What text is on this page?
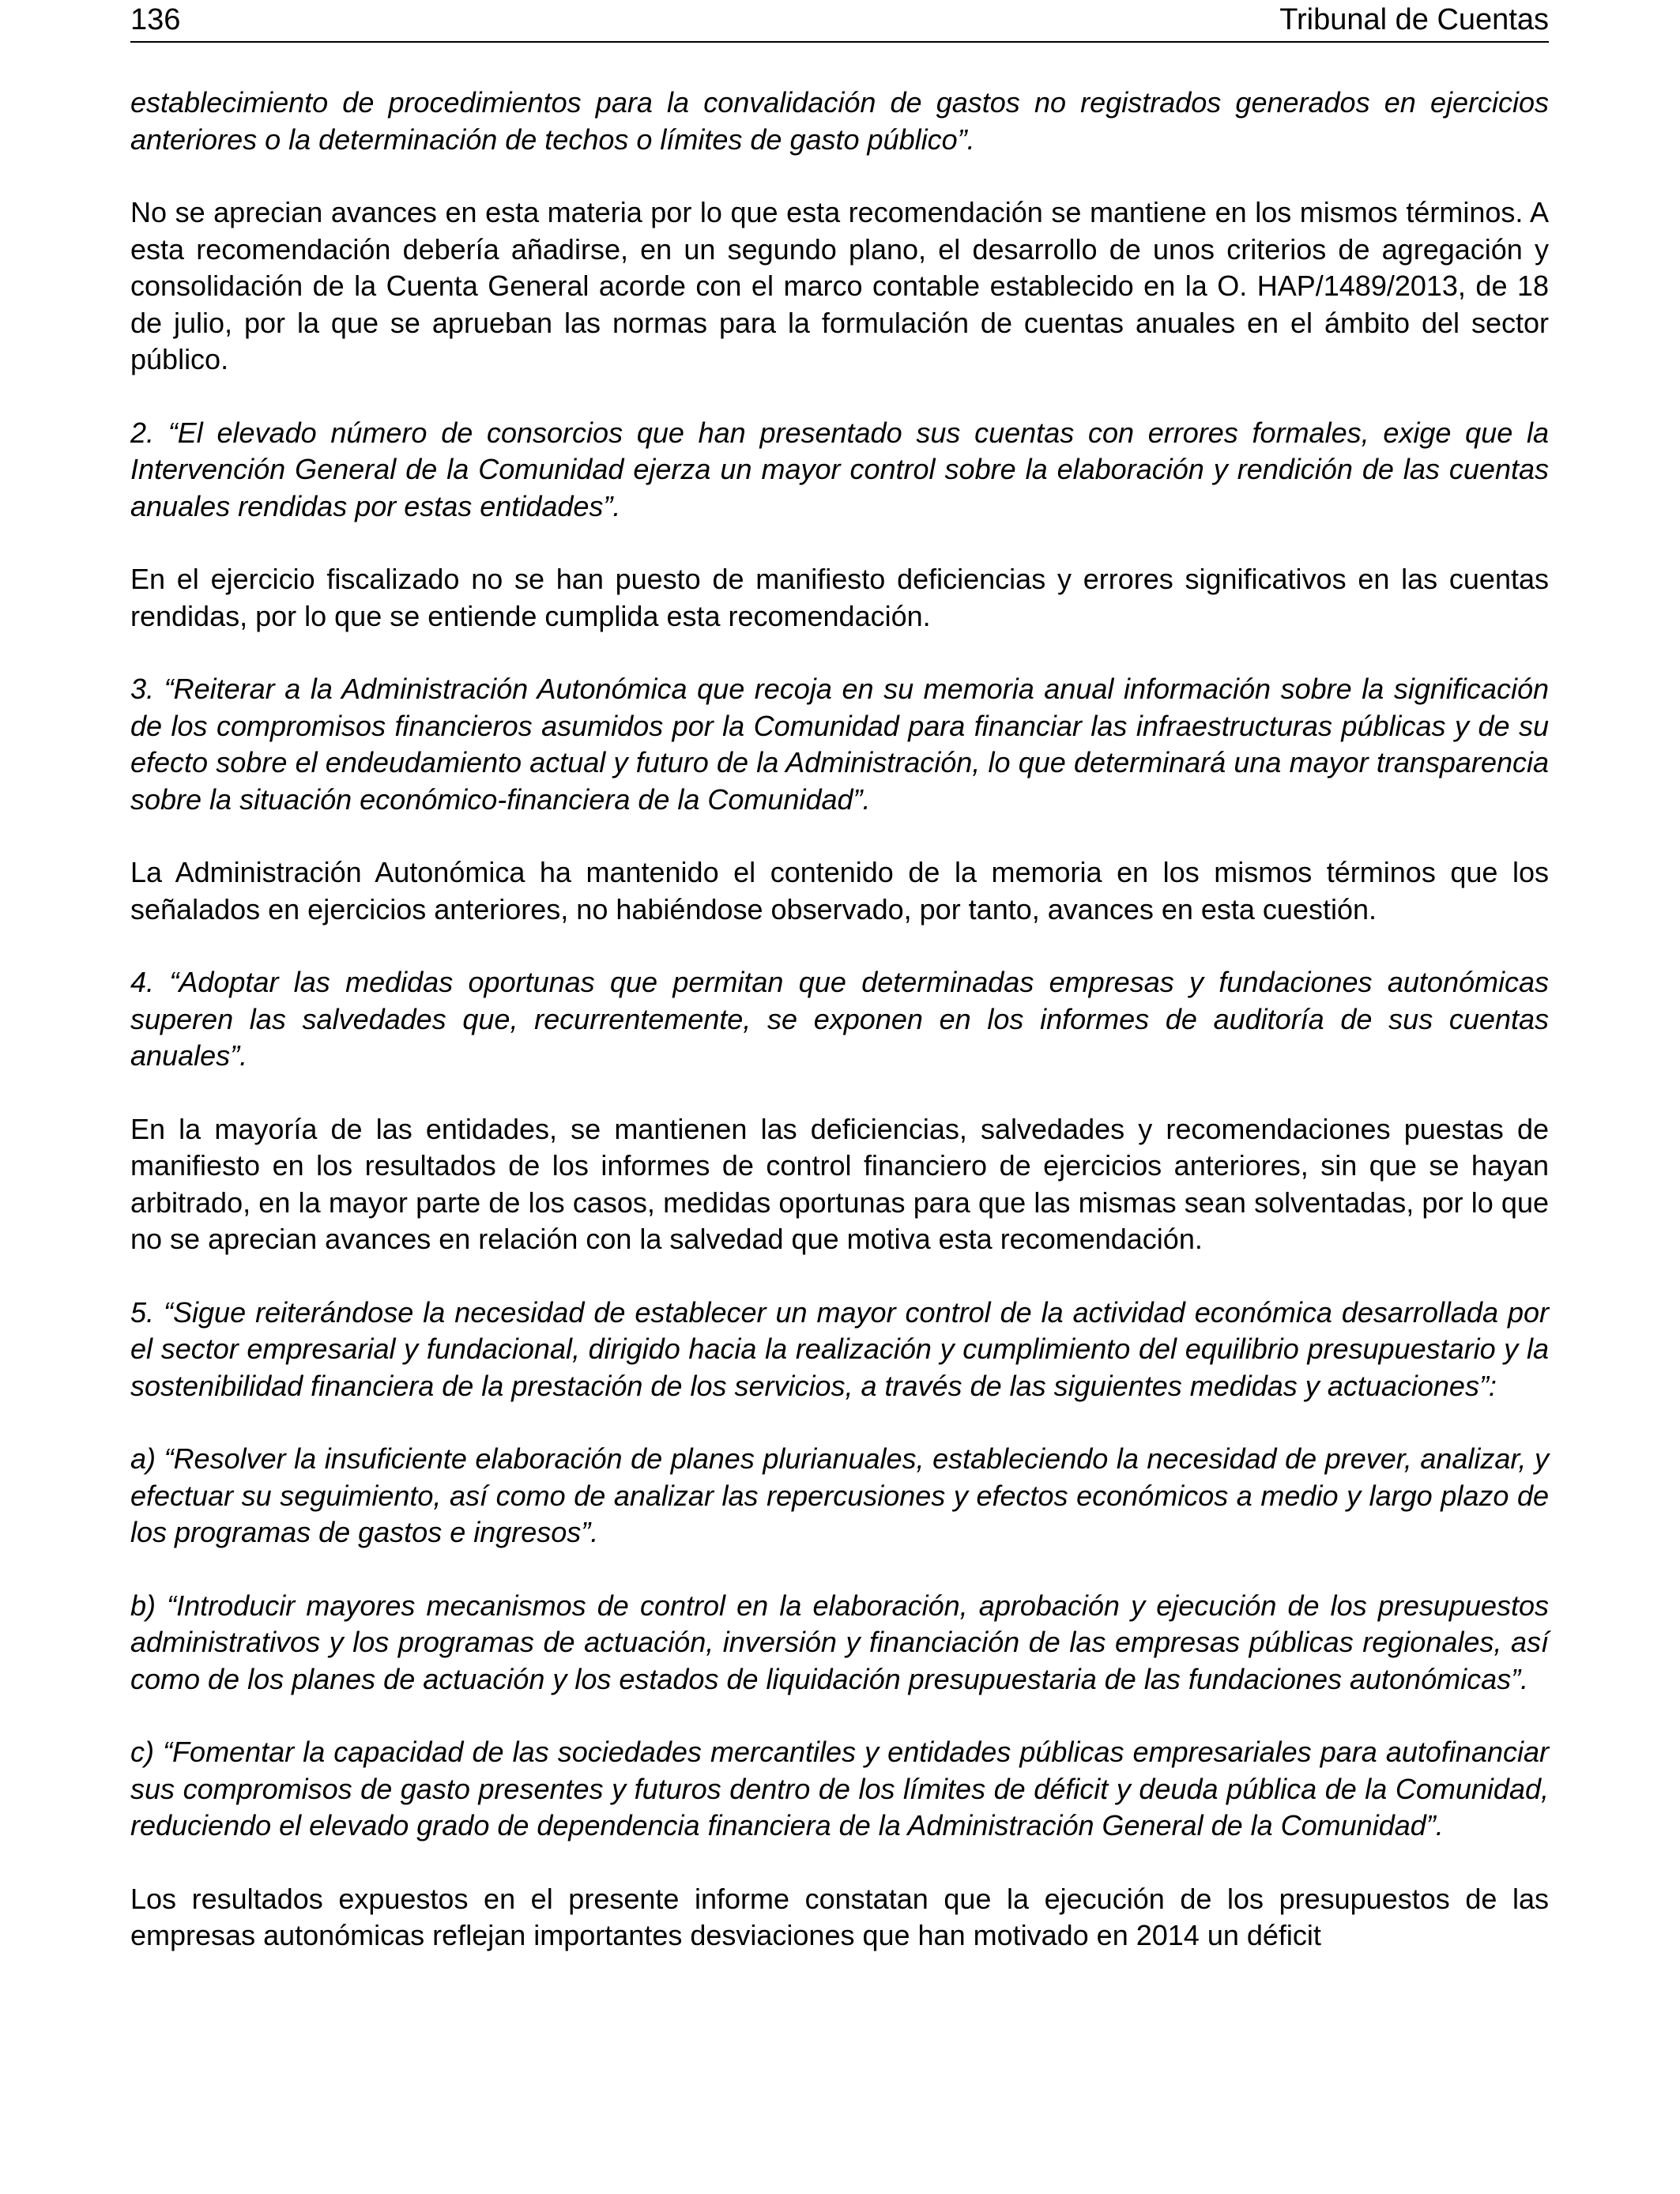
136	Tribunal de Cuentas

establecimiento de procedimientos para la convalidación de gastos no registrados generados en ejercicios anteriores o la determinación de techos o límites de gasto público”.

No se aprecian avances en esta materia por lo que esta recomendación se mantiene en los mismos términos. A esta recomendación debería añadirse, en un segundo plano, el desarrollo de unos criterios de agregación y consolidación de la Cuenta General acorde con el marco contable establecido en la O. HAP/1489/2013, de 18 de julio, por la que se aprueban las normas para la formulación de cuentas anuales en el ámbito del sector público.

2. “El elevado número de consorcios que han presentado sus cuentas con errores formales, exige que la Intervención General de la Comunidad ejerza un mayor control sobre la elaboración y rendición de las cuentas anuales rendidas por estas entidades”.

En el ejercicio fiscalizado no se han puesto de manifiesto deficiencias y errores significativos en las cuentas rendidas, por lo que se entiende cumplida esta recomendación.

3. “Reiterar a la Administración Autonómica que recoja en su memoria anual información sobre la significación de los compromisos financieros asumidos por la Comunidad para financiar las infraestructuras públicas y de su efecto sobre el endeudamiento actual y futuro de la Administración, lo que determinará una mayor transparencia sobre la situación económico-financiera de la Comunidad”.

La Administración Autonómica ha mantenido el contenido de la memoria en los mismos términos que los señalados en ejercicios anteriores, no habiéndose observado, por tanto, avances en esta cuestión.

4. “Adoptar las medidas oportunas que permitan que determinadas empresas y fundaciones autonómicas superen las salvedades que, recurrentemente, se exponen en los informes de auditoría de sus cuentas anuales”.

En la mayoría de las entidades, se mantienen las deficiencias, salvedades y recomendaciones puestas de manifiesto en los resultados de los informes de control financiero de ejercicios anteriores, sin que se hayan arbitrado, en la mayor parte de los casos, medidas oportunas para que las mismas sean solventadas, por lo que no se aprecian avances en relación con la salvedad que motiva esta recomendación.

5. “Sigue reiterándose la necesidad de establecer un mayor control de la actividad económica desarrollada por el sector empresarial y fundacional, dirigido hacia la realización y cumplimiento del equilibrio presupuestario y la sostenibilidad financiera de la prestación de los servicios, a través de las siguientes medidas y actuaciones”:

a) “Resolver la insuficiente elaboración de planes plurianuales, estableciendo la necesidad de prever, analizar, y efectuar su seguimiento, así como de analizar las repercusiones y efectos económicos a medio y largo plazo de los programas de gastos e ingresos”.

b) “Introducir mayores mecanismos de control en la elaboración, aprobación y ejecución de los presupuestos administrativos y los programas de actuación, inversión y financiación de las empresas públicas regionales, así como de los planes de actuación y los estados de liquidación presupuestaria de las fundaciones autonómicas”.

c) “Fomentar la capacidad de las sociedades mercantiles y entidades públicas empresariales para autofinanciar sus compromisos de gasto presentes y futuros dentro de los límites de déficit y deuda pública de la Comunidad, reduciendo el elevado grado de dependencia financiera de la Administración General de la Comunidad”.

Los resultados expuestos en el presente informe constatan que la ejecución de los presupuestos de las empresas autonómicas reflejan importantes desviaciones que han motivado en 2014 un déficit
